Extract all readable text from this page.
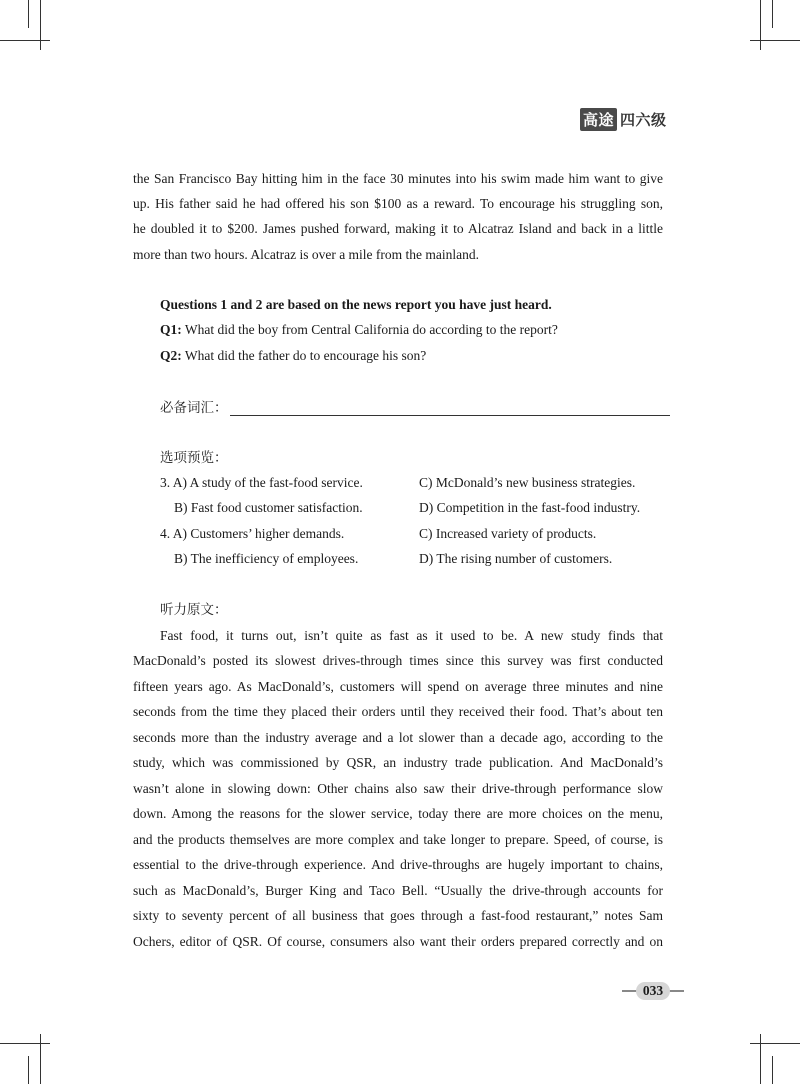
高途 四六级
the San Francisco Bay hitting him in the face 30 minutes into his swim made him want to give
up. His father said he had offered his son $100 as a reward. To encourage his struggling son,
he doubled it to $200. James pushed forward, making it to Alcatraz Island and back in a little
more than two hours. Alcatraz is over a mile from the mainland.
Questions 1 and 2 are based on the news report you have just heard.
Q1: What did the boy from Central California do according to the report?
Q2: What did the father do to encourage his son?
必备词汇：
选项预览：
3. A) A study of the fast-food service.	C) McDonald’s new business strategies.
B) Fast food customer satisfaction.	D) Competition in the fast-food industry.
4. A) Customers’ higher demands.	C) Increased variety of products.
B) The inefficiency of employees.	D) The rising number of customers.
听力原文：
Fast food, it turns out, isn’t quite as fast as it used to be. A new study finds that
MacDonald’s posted its slowest drives-through times since this survey was first conducted
fifteen years ago. As MacDonald’s, customers will spend on average three minutes and nine
seconds from the time they placed their orders until they received their food. That’s about ten
seconds more than the industry average and a lot slower than a decade ago, according to the
study, which was commissioned by QSR, an industry trade publication. And MacDonald’s
wasn’t alone in slowing down: Other chains also saw their drive-through performance slow
down. Among the reasons for the slower service, today there are more choices on the menu,
and the products themselves are more complex and take longer to prepare. Speed, of course, is
essential to the drive-through experience. And drive-throughs are hugely important to chains,
such as MacDonald’s, Burger King and Taco Bell. “Usually the drive-through accounts for
sixty to seventy percent of all business that goes through a fast-food restaurant,” notes Sam
Ochers, editor of QSR. Of course, consumers also want their orders prepared correctly and on
033
